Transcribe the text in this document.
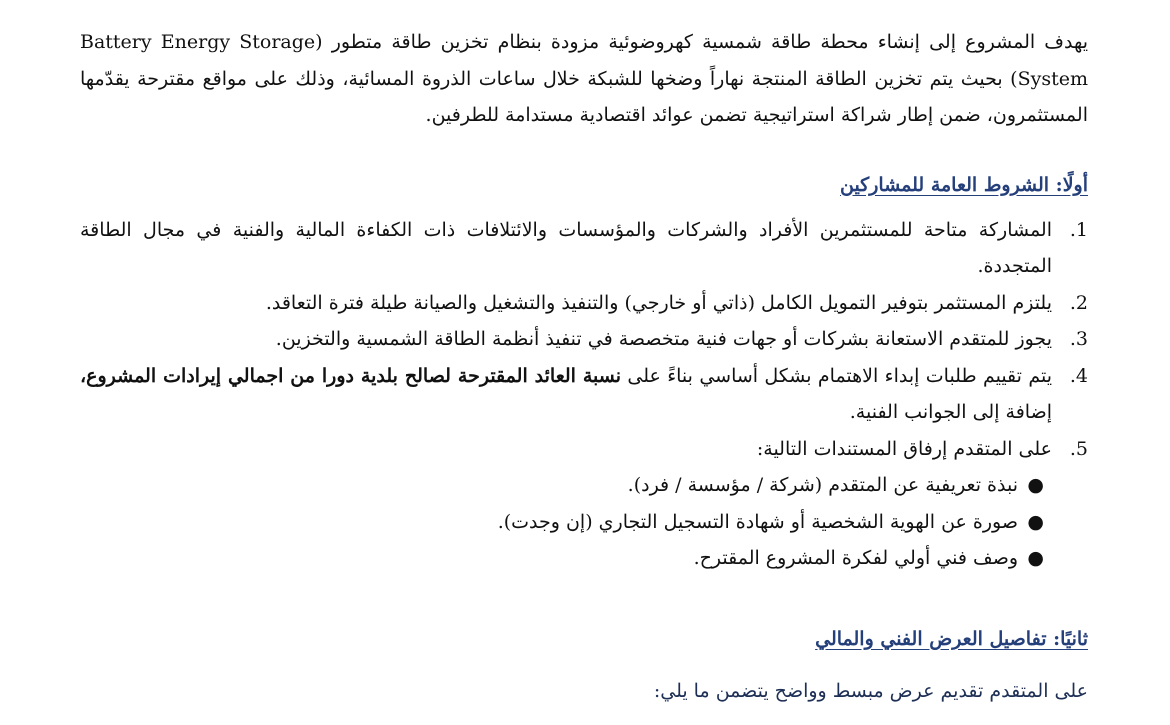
يهدف المشروع إلى إنشاء محطة طاقة شمسية كهروضوئية مزودة بنظام تخزين طاقة متطور (Battery Energy Storage System) بحيث يتم تخزين الطاقة المنتجة نهاراً وضخها للشبكة خلال ساعات الذروة المسائية، وذلك على مواقع مقترحة يقدّمها المستثمرون، ضمن إطار شراكة استراتيجية تضمن عوائد اقتصادية مستدامة للطرفين.

أولًا: الشروط العامة للمشاركين
1.
المشاركة متاحة للمستثمرين الأفراد والشركات والمؤسسات والائتلافات ذات الكفاءة المالية والفنية في مجال الطاقة المتجددة.
2.
يلتزم المستثمر بتوفير التمويل الكامل (ذاتي أو خارجي) والتنفيذ والتشغيل والصيانة طيلة فترة التعاقد.
3.
يجوز للمتقدم الاستعانة بشركات أو جهات فنية متخصصة في تنفيذ أنظمة الطاقة الشمسية والتخزين.
4.
يتم تقييم طلبات إبداء الاهتمام بشكل أساسي بناءً على نسبة العائد المقترحة لصالح بلدية دورا من اجمالي إيرادات المشروع، إضافة إلى الجوانب الفنية.
5.
على المتقدم إرفاق المستندات التالية:
●
نبذة تعريفية عن المتقدم (شركة / مؤسسة / فرد).
●
صورة عن الهوية الشخصية أو شهادة التسجيل التجاري (إن وجدت).
●
وصف فني أولي لفكرة المشروع المقترح.
ثانيًا: تفاصيل العرض الفني والمالي

على المتقدم تقديم عرض مبسط وواضح يتضمن ما يلي:
